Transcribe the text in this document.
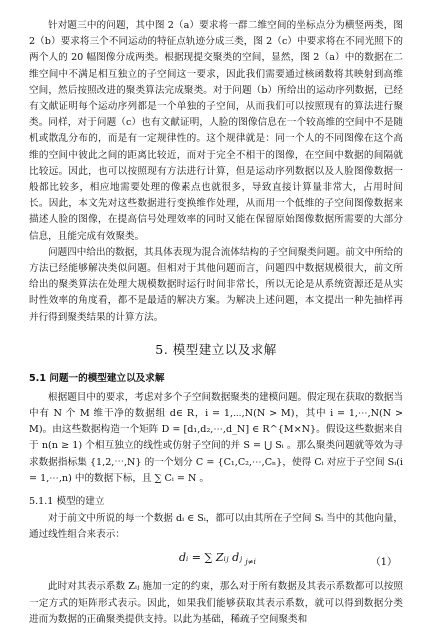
针对题三中的问题，其中图 2（a）要求将一群二维空间的坐标点分为横竖两类，图 2（b）要求将三个不同运动的特征点轨迹分成三类，图 2（c）中要求将在不同光照下的两个人的 20 幅图像分成两类。根据现提交聚类的空间，显然，图 2（a）中的数据在二维空间中不满足相互独立的子空间这一要求，因此我们需要通过核函数将其映射到高维空间，然后按照改进的聚类算法完成聚类。对于问题（b）所给出的运动序列数据，已经有文献证明每个运动序列都是一个单独的子空间，从而我们可以按照现有的算法进行聚类。同样，对于问题（c）也有文献证明，人脸的图像信息在一个较高维的空间中不是随机或散乱分布的，而是有一定规律性的。这个规律就是：同一个人的不同图像在这个高维的空间中彼此之间的距离比较近，而对于完全不相干的图像，在空间中数据的间隔就比较远。因此，也可以按照现有方法进行计算，但是运动序列数据以及人脸图像数据一般都比较多，相应地需要处理的像素点也就很多，导致直接计算量非常大，占用时间长。因此，本文先对这些数据进行变换维作处理，从而用一个低维的子空间图像数据来描述人脸的图像，在提高信号处理效率的同时又能在保留原始图像数据所需要的大部分信息，且能完成有效聚类。

问题四中给出的数据，其具体表现为混合流体结构的子空间聚类问题。前文中所给的方法已经能够解决类似问题。但相对于其他问题而言，问题四中数据规模很大，前文所给出的聚类算法在处理大规模数据时运行时间非常长，所以无论是从系统资源还是从实时性效率的角度看，都不是最适的解决方案。为解决上述问题，本文提出一种先抽样再并行得到聚类结果的计算方法。

5. 模型建立以及求解
5.1 问题一的模型建立以及求解

根据题目中的要求，考虑对多个子空间数据聚类的建模问题。假定现在获取的数据当中有 N 个 M 维干净的数据组 d∈ R，i = 1,⋯,N(N > M)，其中 i = 1,⋯,N(N > M)。由这些数据构造一个矩阵 D = [d₁,d₂,⋯,d_N] ∈ R^{M×N}。假设这些数据来自于 n(n ≥ 1) 个相互独立的线性或仿射子空间的并 S = ⋃ Sᵢ 。那么聚类问题就等效为寻求数据指标集 {1,2,⋯,N} 的一个划分 C = {C₁,C₂,⋯,Cₙ}，使得 Cᵢ 对应于子空间 Sᵢ(i = 1,⋯,n) 中的数据下标，且 ∑ Cᵢ = N 。

5.1.1 模型的建立

对于前文中所说的每一个数据 dᵢ ∈ Sᵢ，都可以由其所在子空间 Sᵢ 当中的其他向量，通过线性组合来表示：

dᵢ = ∑ Zᵢⱼ dⱼ $_{j\ne i}$	（1）

此时对其表示系数 Zᵢⱼ 施加一定的约束，那么对于所有数据及其表示系数都可以按照一定方式的矩阵形式表示。因此，如果我们能够获取其表示系数，就可以得到数据分类进而为数据的正确聚类提供支持。以此为基础，稀疏子空间聚类和
